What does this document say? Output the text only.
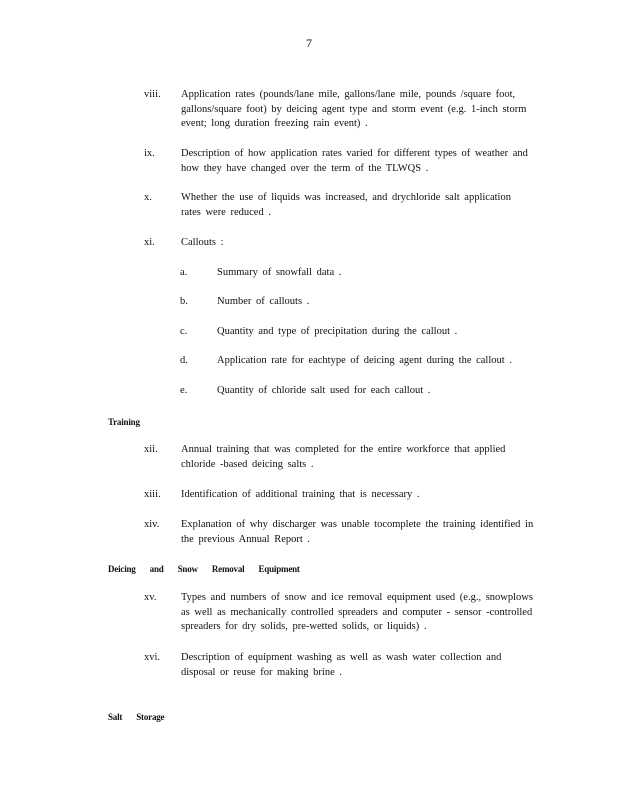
7
viii.	Application rates (pounds/lane mile, gallons/lane mile, pounds /square foot, gallons/square foot) by deicing agent type and storm event (e.g. 1-inch storm event; long duration freezing rain event) .
ix.	Description of how application rates varied for different types of weather and how they have changed over the term of the TLWQS .
x.	Whether the use of liquids was increased, and drychloride salt application rates were reduced .
xi.	Callouts :
a.	Summary of snowfall data .
b.	Number of callouts .
c.	Quantity and type of precipitation during the callout .
d.	Application rate for eachtype of deicing agent during the callout .
e.	Quantity of chloride salt used for each callout .
Training
xii.	Annual training that was completed for the entire workforce that applied chloride -based deicing salts .
xiii.	Identification of additional training that is necessary .
xiv.	Explanation of why discharger was unable tocomplete the training identified in the previous Annual Report .
Deicing and Snow Removal Equipment
xv.	Types and numbers of snow and ice removal equipment used (e.g., snowplows as well as mechanically controlled spreaders and computer - sensor -controlled spreaders for dry solids, pre-wetted solids, or liquids) .
xvi.	Description of equipment washing as well as wash water collection and disposal or reuse for making brine .
Salt Storage
